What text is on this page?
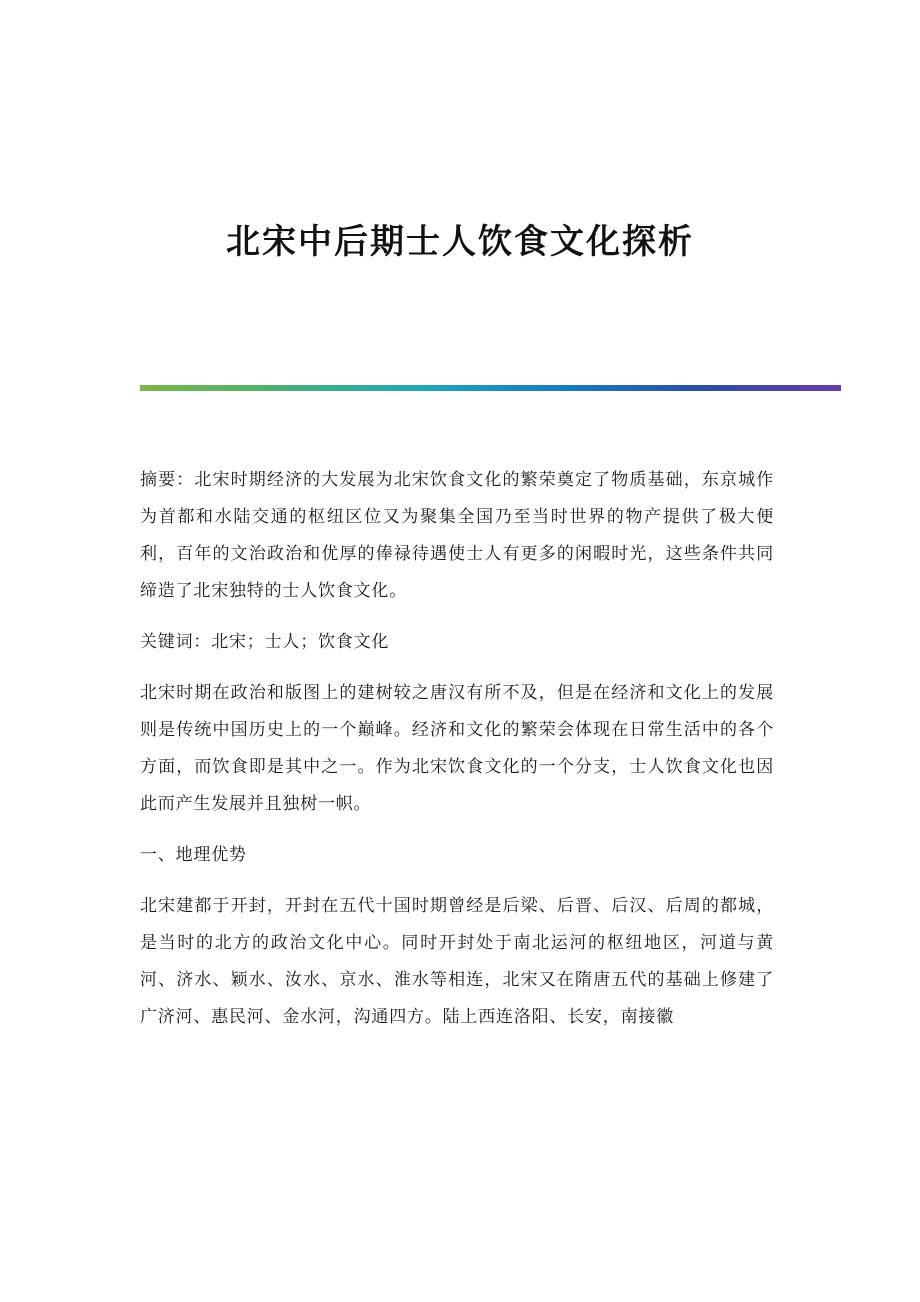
北宋中后期士人饮食文化探析

摘要：北宋时期经济的大发展为北宋饮食文化的繁荣奠定了物质基础，东京城作为首都和水陆交通的枢纽区位又为聚集全国乃至当时世界的物产提供了极大便利，百年的文治政治和优厚的俸禄待遇使士人有更多的闲暇时光，这些条件共同缔造了北宋独特的士人饮食文化。

关键词：北宋；士人；饮食文化

北宋时期在政治和版图上的建树较之唐汉有所不及，但是在经济和文化上的发展则是传统中国历史上的一个巅峰。经济和文化的繁荣会体现在日常生活中的各个方面，而饮食即是其中之一。作为北宋饮食文化的一个分支，士人饮食文化也因此而产生发展并且独树一帜。

一、地理优势

北宋建都于开封，开封在五代十国时期曾经是后梁、后晋、后汉、后周的都城，是当时的北方的政治文化中心。同时开封处于南北运河的枢纽地区，河道与黄河、济水、颖水、汝水、京水、淮水等相连，北宋又在隋唐五代的基础上修建了广济河、惠民河、金水河，沟通四方。陆上西连洛阳、长安，南接徽
